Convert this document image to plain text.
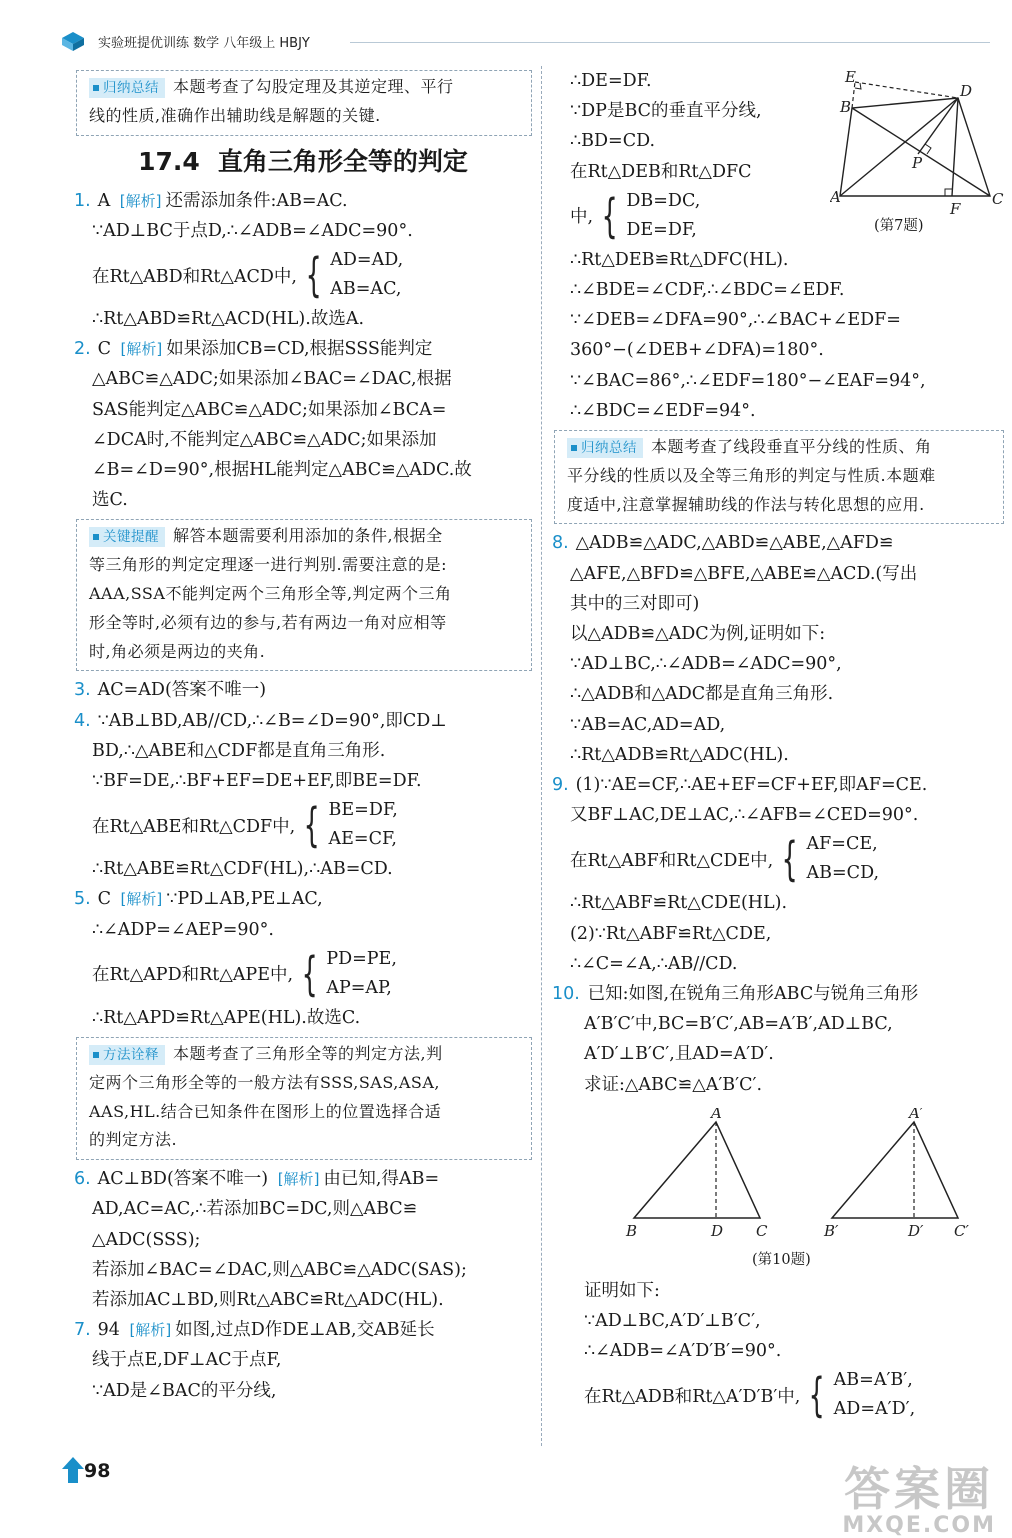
实验班提优训练 数学 八年级上 HBJY
归纳总结 本题考查了勾股定理及其逆定理、平行
线的性质,准确作出辅助线是解题的关键.
17.4 直角三角形全等的判定
1. A [ 解析 ] 还需添加条件:AB=AC.
∵AD⊥BC于点D,∴∠ADB=∠ADC=90°.
在Rt△ABD和Rt△ACD中, { AD=AD,
AB=AC,
∴Rt△ABD≌Rt△ACD(HL).故选A.
2. C [ 解析 ] 如果添加CB=CD,根据SSS能判定
△ABC≌△ADC;如果添加∠BAC=∠DAC,根据
SAS能判定△ABC≌△ADC;如果添加∠BCA=
∠DCA时,不能判定△ABC≌△ADC;如果添加
∠B=∠D=90°,根据HL能判定△ABC≌△ADC.故
选C.
关键提醒 解答本题需要利用添加的条件,根据全
等三角形的判定定理逐一进行判别.需要注意的是:
AAA,SSA不能判定两个三角形全等,判定两个三角
形全等时,必须有边的参与,若有两边一角对应相等
时,角必须是两边的夹角.
3. AC=AD(答案不唯一)
4. ∵AB⊥BD,AB//CD,∴∠B=∠D=90°,即CD⊥
BD,∴△ABE和△CDF都是直角三角形.
∵BF=DE,∴BF+EF=DE+EF,即BE=DF.
在Rt△ABE和Rt△CDF中, { BE=DF,
AE=CF,
∴Rt△ABE≌Rt△CDF(HL),∴AB=CD.
5. C [ 解析 ] ∵PD⊥AB,PE⊥AC,
∴∠ADP=∠AEP=90°.
在Rt△APD和Rt△APE中, { PD=PE,
AP=AP,
∴Rt△APD≌Rt△APE(HL).故选C.
方法诠释 本题考查了三角形全等的判定方法,判
定两个三角形全等的一般方法有SSS,SAS,ASA,
AAS,HL.结合已知条件在图形上的位置选择合适
的判定方法.
6. AC⊥BD(答案不唯一) [ 解析 ] 由已知,得AB=
AD,AC=AC,∴若添加BC=DC,则△ABC≌
△ADC(SSS);
若添加∠BAC=∠DAC,则△ABC≌△ADC(SAS);
若添加AC⊥BD,则Rt△ABC≌Rt△ADC(HL).
7. 94 [ 解析 ] 如图,过点D作DE⊥AB,交AB延长
线于点E,DF⊥AC于点F,
∵AD是∠BAC的平分线,
∴DE=DF.
∵DP是BC的垂直平分线,
∴BD=CD.
在Rt△DEB和Rt△DFC
中, { DB=DC,
DE=DF,
∴Rt△DEB≌Rt△DFC(HL).
∴∠BDE=∠CDF,∴∠BDC=∠EDF.
∵∠DEB=∠DFA=90°,∴∠BAC+∠EDF=
360°−(∠DEB+∠DFA)=180°.
∵∠BAC=86°,∴∠EDF=180°−∠EAF=94°,
∴∠BDC=∠EDF=94°.
归纳总结 本题考查了线段垂直平分线的性质、角
平分线的性质以及全等三角形的判定与性质.本题难
度适中,注意掌握辅助线的作法与转化思想的应用.
8. △ADB≌△ADC,△ABD≌△ABE,△AFD≌
△AFE,△BFD≌△BFE,△ABE≌△ACD.(写出
其中的三对即可)
以△ADB≌△ADC为例,证明如下:
∵AD⊥BC,∴∠ADB=∠ADC=90°,
∴△ADB和△ADC都是直角三角形.
∵AB=AC,AD=AD,
∴Rt△ADB≌Rt△ADC(HL).
9. (1)∵AE=CF,∴AE+EF=CF+EF,即AF=CE.
又BF⊥AC,DE⊥AC,∴∠AFB=∠CED=90°.
在Rt△ABF和Rt△CDE中, { AF=CE,
AB=CD,
∴Rt△ABF≌Rt△CDE(HL).
(2)∵Rt△ABF≌Rt△CDE,
∴∠C=∠A,∴AB//CD.
10. 已知:如图,在锐角三角形ABC与锐角三角形
A′B′C′中,BC=B′C′,AB=A′B′,AD⊥BC,
A′D′⊥B′C′,且AD=A′D′.
求证:△ABC≌△A′B′C′.
A
B	D C
A′
B′	D′ C′
(第10题)
证明如下:
∵AD⊥BC,A′D′⊥B′C′,
∴∠ADB=∠A′D′B′=90°.
在Rt△ADB和Rt△A′D′B′中, { AB=A′B′,
AD=A′D′,
E
B
D
P
A
F
C
(第7题)
98	答案圈
MXQE.COM
